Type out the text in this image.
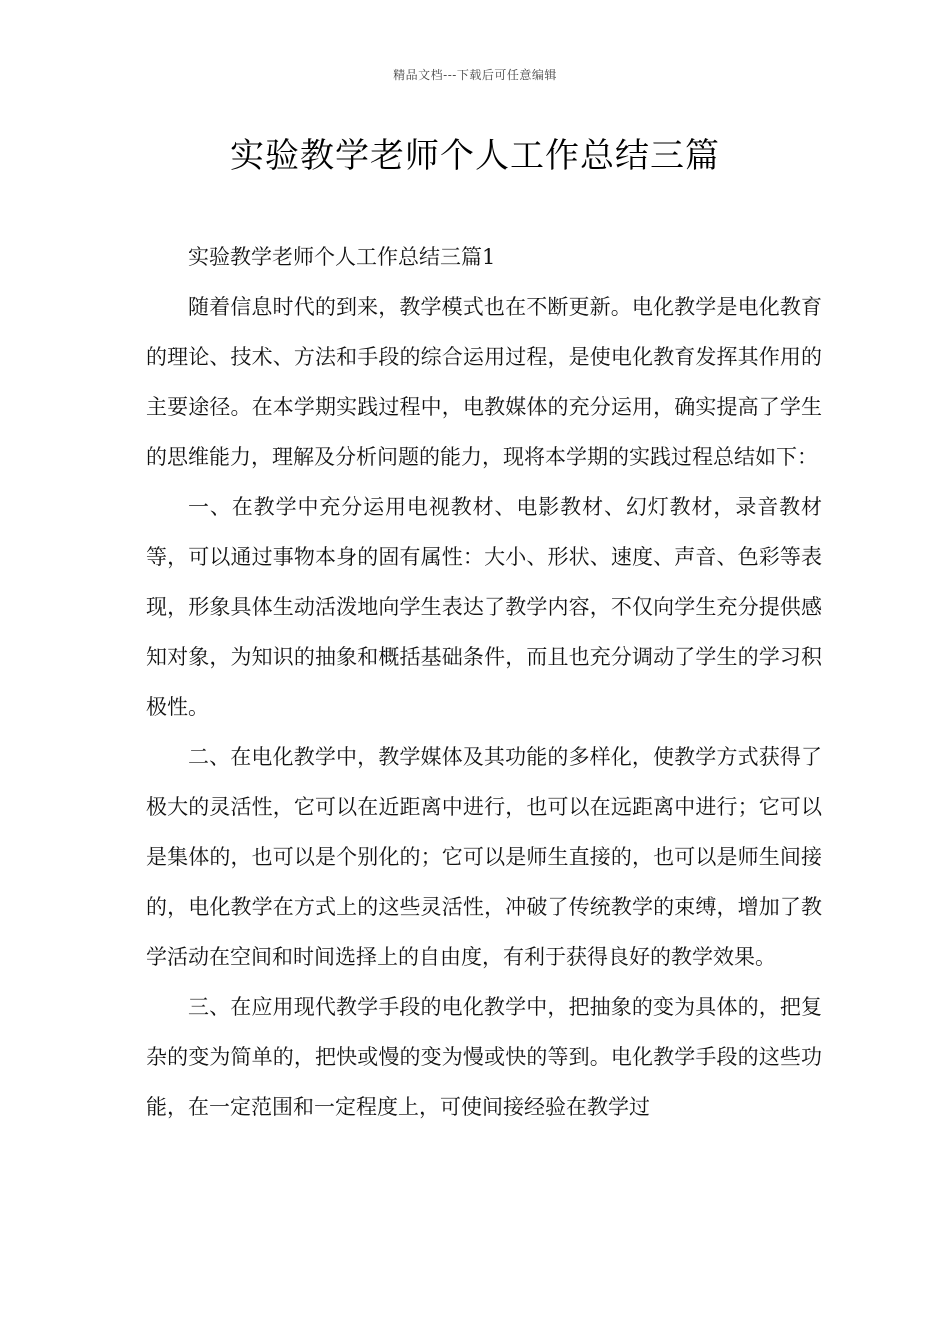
精品文档---下载后可任意编辑
实验教学老师个人工作总结三篇

实验教学老师个人工作总结三篇1

随着信息时代的到来，教学模式也在不断更新。电化教学是电化教育的理论、技术、方法和手段的综合运用过程，是使电化教育发挥其作用的主要途径。在本学期实践过程中，电教媒体的充分运用，确实提高了学生的思维能力，理解及分析问题的能力，现将本学期的实践过程总结如下：

一、在教学中充分运用电视教材、电影教材、幻灯教材，录音教材等，可以通过事物本身的固有属性：大小、形状、速度、声音、色彩等表现，形象具体生动活泼地向学生表达了教学内容，不仅向学生充分提供感知对象，为知识的抽象和概括基础条件，而且也充分调动了学生的学习积极性。

二、在电化教学中，教学媒体及其功能的多样化，使教学方式获得了极大的灵活性，它可以在近距离中进行，也可以在远距离中进行；它可以是集体的，也可以是个别化的；它可以是师生直接的，也可以是师生间接的，电化教学在方式上的这些灵活性，冲破了传统教学的束缚，增加了教学活动在空间和时间选择上的自由度，有利于获得良好的教学效果。

三、在应用现代教学手段的电化教学中，把抽象的变为具体的，把复杂的变为简单的，把快或慢的变为慢或快的等到。电化教学手段的这些功能，在一定范围和一定程度上，可使间接经验在教学过
